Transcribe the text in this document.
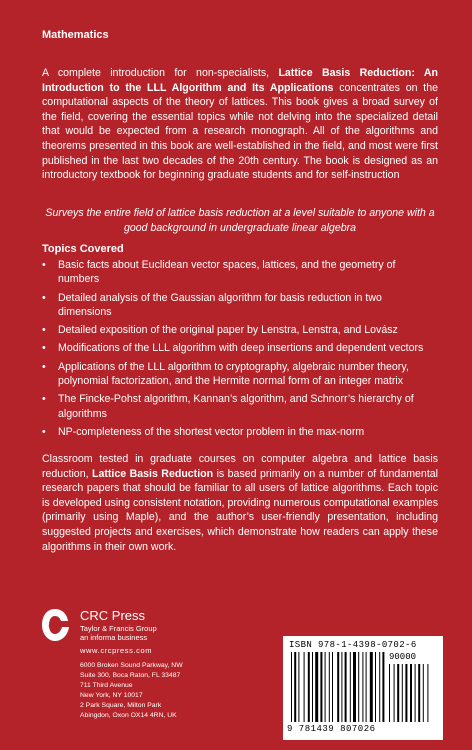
Mathematics
A complete introduction for non-specialists, Lattice Basis Reduction: An Introduction to the LLL Algorithm and Its Applications concentrates on the computational aspects of the theory of lattices. This book gives a broad survey of the field, covering the essential topics while not delving into the specialized detail that would be expected from a research monograph. All of the algorithms and theorems presented in this book are well-established in the field, and most were first published in the last two decades of the 20th century. The book is designed as an introductory textbook for beginning graduate students and for self-instruction
Surveys the entire field of lattice basis reduction at a level suitable to anyone with a good background in undergraduate linear algebra
Topics Covered
• Basic facts about Euclidean vector spaces, lattices, and the geometry of numbers
• Detailed analysis of the Gaussian algorithm for basis reduction in two dimensions
• Detailed exposition of the original paper by Lenstra, Lenstra, and Lovász
• Modifications of the LLL algorithm with deep insertions and dependent vectors
• Applications of the LLL algorithm to cryptography, algebraic number theory, polynomial factorization, and the Hermite normal form of an integer matrix
• The Fincke-Pohst algorithm, Kannan’s algorithm, and Schnorr’s hierarchy of algorithms
• NP-completeness of the shortest vector problem in the max-norm
Classroom tested in graduate courses on computer algebra and lattice basis reduction, Lattice Basis Reduction is based primarily on a number of fundamental research papers that should be familiar to all users of lattice algorithms. Each topic is developed using consistent notation, providing numerous computational examples (primarily using Maple), and the author’s user-friendly presentation, including suggested projects and exercises, which demonstrate how readers can apply these algorithms in their own work.
CRC
CRC Press
Taylor & Francis Group
an informa business
www.crcpress.com
6000 Broken Sound Parkway, NW
Suite 300, Boca Raton, FL 33487
711 Third Avenue
New York, NY 10017
2 Park Square, Milton Park
Abingdon, Oxon OX14 4RN, UK
ISBN 978-1-4398-0702-6
90000
9 781439 807026
